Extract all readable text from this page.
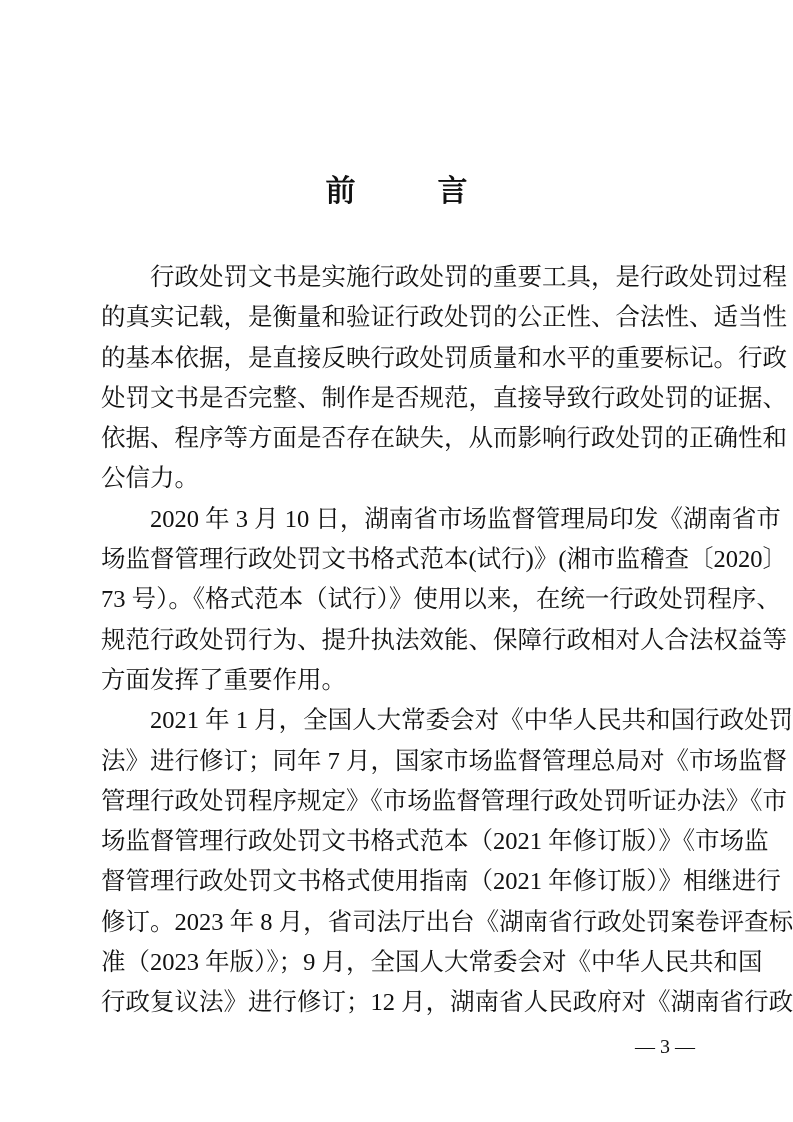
前　言
行政处罚文书是实施行政处罚的重要工具，是行政处罚过程
的真实记载，是衡量和验证行政处罚的公正性、合法性、适当性
的基本依据，是直接反映行政处罚质量和水平的重要标记。行政
处罚文书是否完整、制作是否规范，直接导致行政处罚的证据、
依据、程序等方面是否存在缺失，从而影响行政处罚的正确性和
公信力。
2020 年 3 月 10 日，湖南省市场监督管理局印发《湖南省市
场监督管理行政处罚文书格式范本(试行)》(湘市监稽查〔2020〕
73 号）。《格式范本（试行）》使用以来，在统一行政处罚程序、
规范行政处罚行为、提升执法效能、保障行政相对人合法权益等
方面发挥了重要作用。
2021 年 1 月，全国人大常委会对《中华人民共和国行政处罚
法》进行修订；同年 7 月，国家市场监督管理总局对《市场监督
管理行政处罚程序规定》《市场监督管理行政处罚听证办法》《市
场监督管理行政处罚文书格式范本（2021 年修订版）》《市场监
督管理行政处罚文书格式使用指南（2021 年修订版）》相继进行
修订。2023 年 8 月，省司法厅出台《湖南省行政处罚案卷评查标
准（2023 年版）》；9 月，全国人大常委会对《中华人民共和国
行政复议法》进行修订；12 月，湖南省人民政府对《湖南省行政
— 3 —
